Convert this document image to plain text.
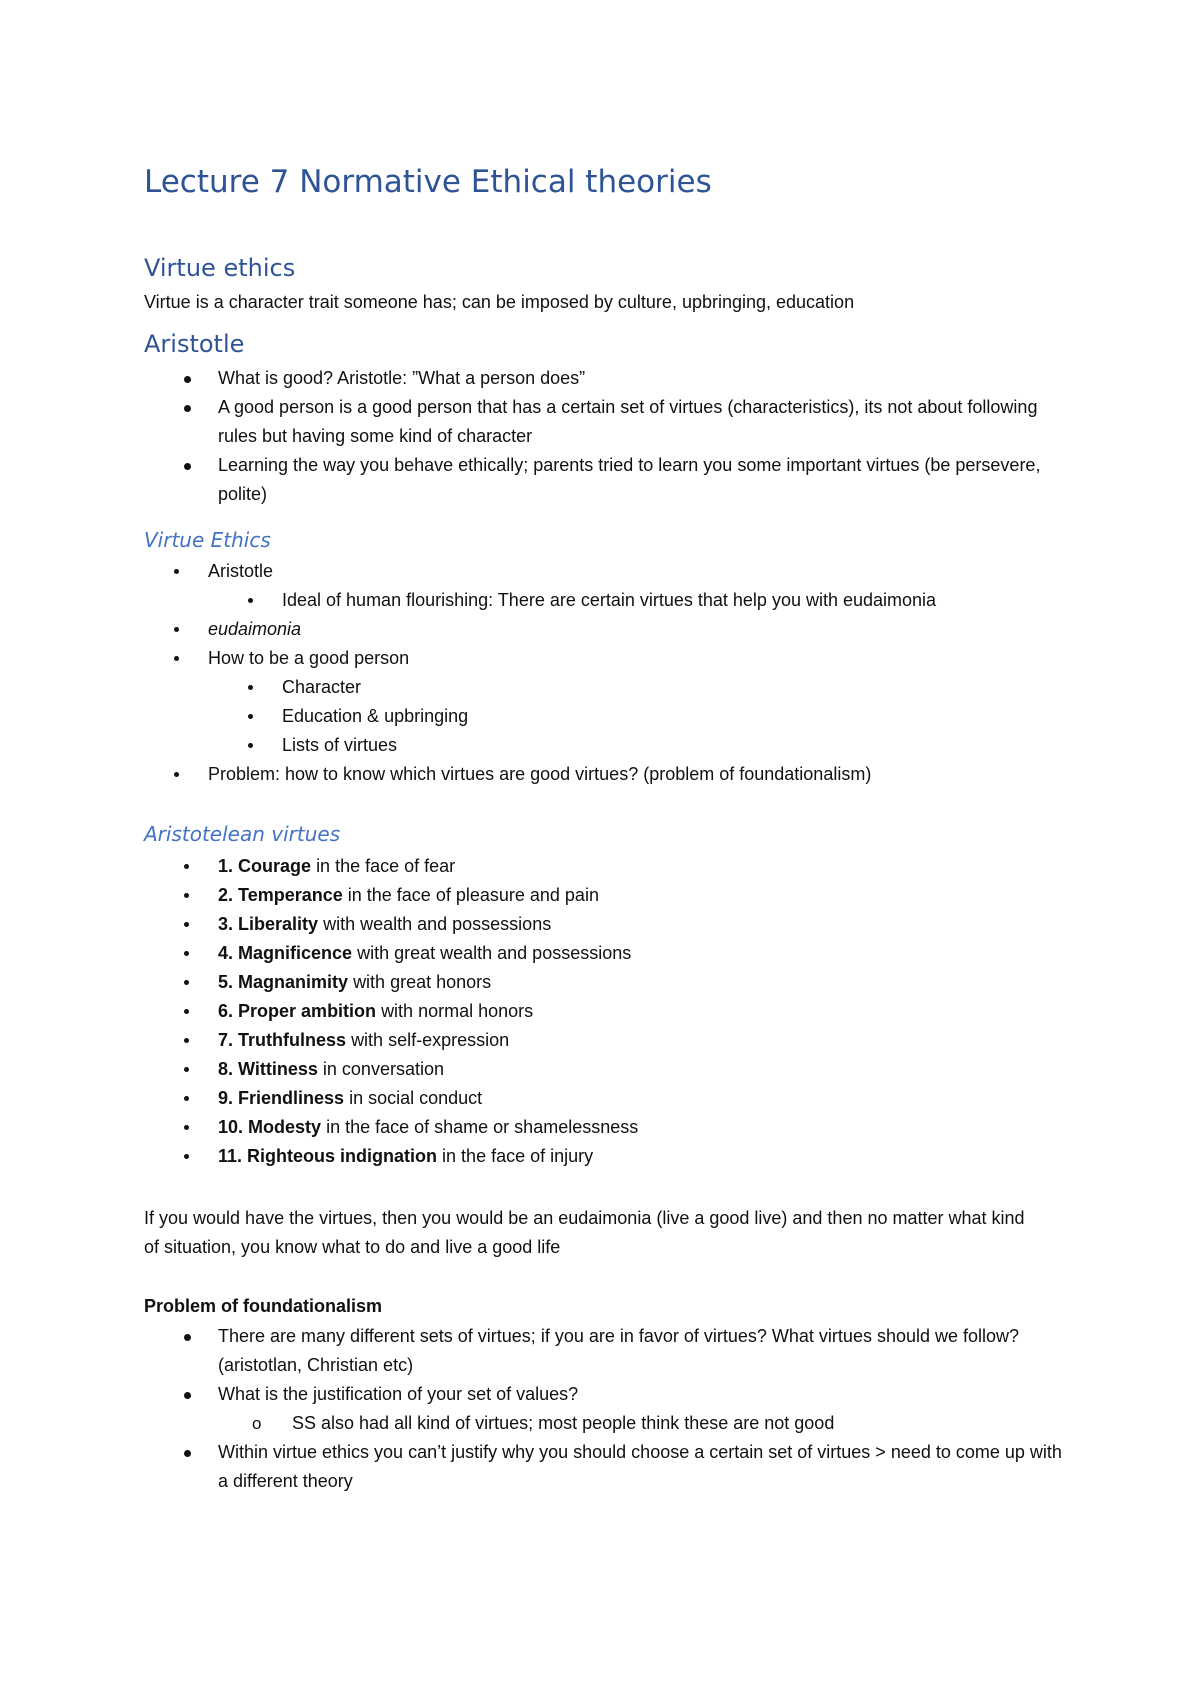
Lecture 7 Normative Ethical theories
Virtue ethics
Virtue is a character trait someone has; can be imposed by culture, upbringing, education
Aristotle
What is good? Aristotle: ”What a person does”
A good person is a good person that has a certain set of virtues (characteristics), its not about following rules but having some kind of character
Learning the way you behave ethically; parents tried to learn you some important virtues (be persevere, polite)
Virtue Ethics
Aristotle
Ideal of human flourishing: There are certain virtues that help you with eudaimonia
eudaimonia
How to be a good person
Character
Education & upbringing
Lists of virtues
Problem: how to know which virtues are good virtues? (problem of foundationalism)
Aristotelean virtues
1. Courage in the face of fear
2. Temperance in the face of pleasure and pain
3. Liberality with wealth and possessions
4. Magnificence with great wealth and possessions
5. Magnanimity with great honors
6. Proper ambition with normal honors
7. Truthfulness with self-expression
8. Wittiness in conversation
9. Friendliness in social conduct
10. Modesty in the face of shame or shamelessness
11. Righteous indignation in the face of injury
If you would have the virtues, then you would be an eudaimonia (live a good live) and then no matter what kind of situation, you know what to do and live a good life
Problem of foundationalism
There are many different sets of virtues; if you are in favor of virtues? What virtues should we follow? (aristotlan, Christian etc)
What is the justification of your set of values?
o SS also had all kind of virtues; most people think these are not good
Within virtue ethics you can’t justify why you should choose a certain set of virtues > need to come up with a different theory
